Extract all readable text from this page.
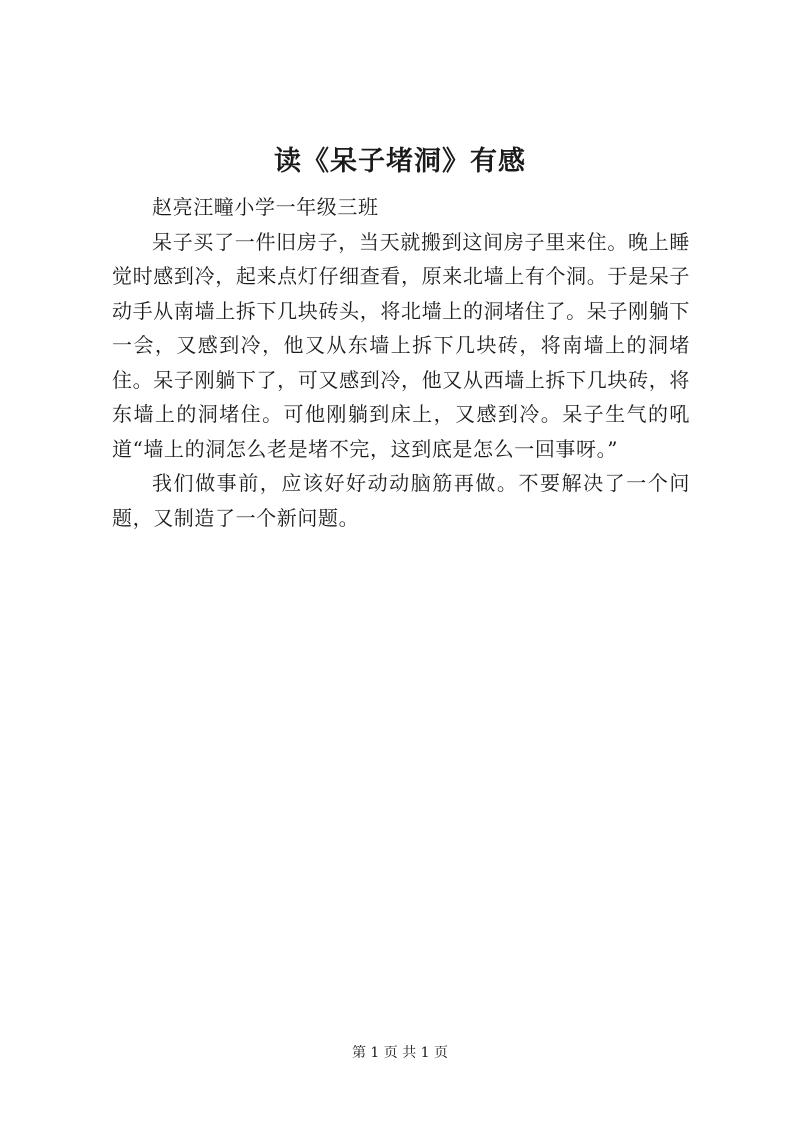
读《呆子堵洞》有感

赵亮汪疃小学一年级三班

呆子买了一件旧房子，当天就搬到这间房子里来住。晚上睡觉时感到冷，起来点灯仔细查看，原来北墙上有个洞。于是呆子动手从南墙上拆下几块砖头，将北墙上的洞堵住了。呆子刚躺下一会，又感到冷，他又从东墙上拆下几块砖，将南墙上的洞堵住。呆子刚躺下了，可又感到冷，他又从西墙上拆下几块砖，将东墙上的洞堵住。可他刚躺到床上，又感到冷。呆子生气的吼道“墙上的洞怎么老是堵不完，这到底是怎么一回事呀。”

我们做事前，应该好好动动脑筋再做。不要解决了一个问题，又制造了一个新问题。

第 1 页 共 1 页
